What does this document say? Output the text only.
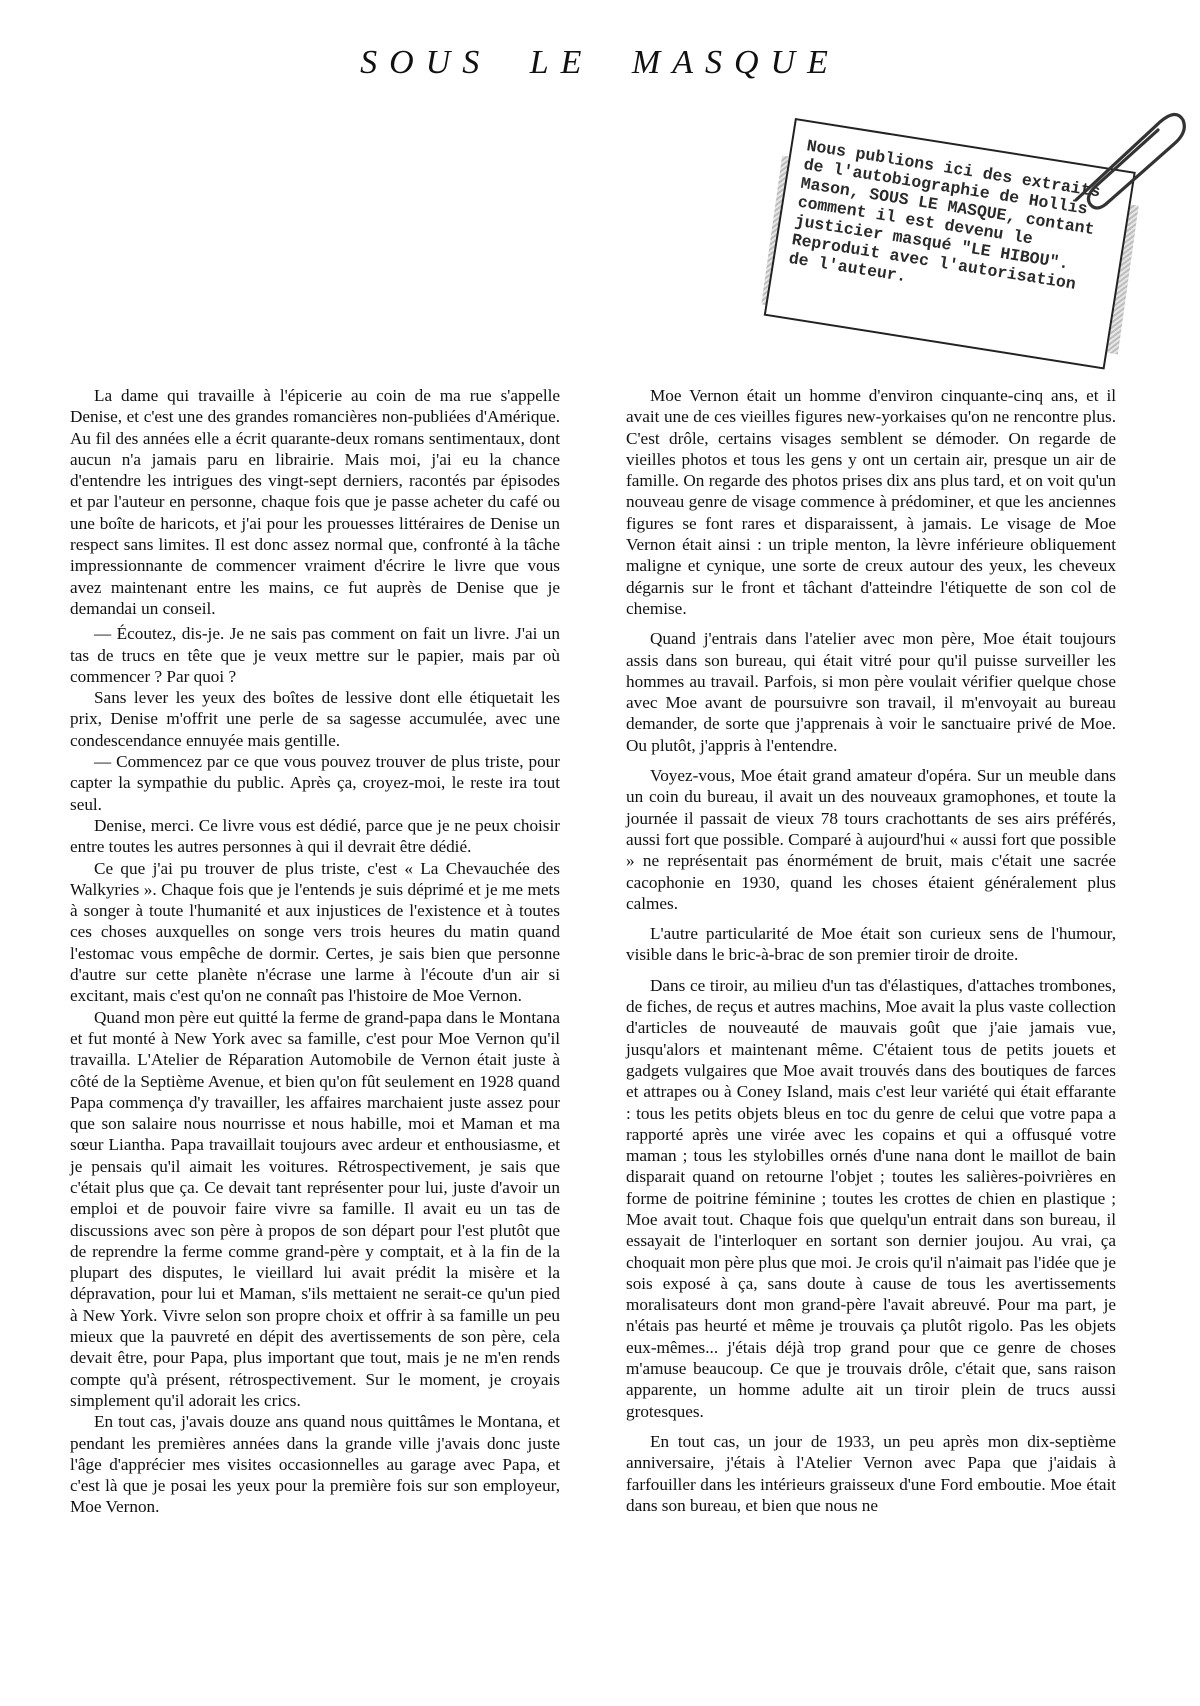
SOUS LE MASQUE
Nous publions ici des extraits de l'autobiographie de Hollis Mason, SOUS LE MASQUE, contant comment il est devenu le justicier masqué "LE HIBOU". Reproduit avec l'autorisation de l'auteur.

La dame qui travaille à l'épicerie au coin de ma rue s'appelle Denise, et c'est une des grandes romancières non-publiées d'Amérique. Au fil des années elle a écrit quarante-deux romans sentimentaux, dont aucun n'a jamais paru en librairie. Mais moi, j'ai eu la chance d'entendre les intrigues des vingt-sept derniers, racontés par épisodes et par l'auteur en personne, chaque fois que je passe acheter du café ou une boîte de haricots, et j'ai pour les prouesses littéraires de Denise un respect sans limites. Il est donc assez normal que, confronté à la tâche impressionnante de commencer vraiment d'écrire le livre que vous avez maintenant entre les mains, ce fut auprès de Denise que je demandai un conseil.

— Écoutez, dis-je. Je ne sais pas comment on fait un livre. J'ai un tas de trucs en tête que je veux mettre sur le papier, mais par où commencer ? Par quoi ?

Sans lever les yeux des boîtes de lessive dont elle étiquetait les prix, Denise m'offrit une perle de sa sagesse accumulée, avec une condescendance ennuyée mais gentille.

— Commencez par ce que vous pouvez trouver de plus triste, pour capter la sympathie du public. Après ça, croyez-moi, le reste ira tout seul.

Denise, merci. Ce livre vous est dédié, parce que je ne peux choisir entre toutes les autres personnes à qui il devrait être dédié.

Ce que j'ai pu trouver de plus triste, c'est « La Chevauchée des Walkyries ». Chaque fois que je l'entends je suis déprimé et je me mets à songer à toute l'humanité et aux injustices de l'existence et à toutes ces choses auxquelles on songe vers trois heures du matin quand l'estomac vous empêche de dormir. Certes, je sais bien que personne d'autre sur cette planète n'écrase une larme à l'écoute d'un air si excitant, mais c'est qu'on ne connaît pas l'histoire de Moe Vernon.

Quand mon père eut quitté la ferme de grand-papa dans le Montana et fut monté à New York avec sa famille, c'est pour Moe Vernon qu'il travailla. L'Atelier de Réparation Automobile de Vernon était juste à côté de la Septième Avenue, et bien qu'on fût seulement en 1928 quand Papa commença d'y travailler, les affaires marchaient juste assez pour que son salaire nous nourrisse et nous habille, moi et Maman et ma sœur Liantha. Papa travaillait toujours avec ardeur et enthousiasme, et je pensais qu'il aimait les voitures. Rétrospectivement, je sais que c'était plus que ça. Ce devait tant représenter pour lui, juste d'avoir un emploi et de pouvoir faire vivre sa famille. Il avait eu un tas de discussions avec son père à propos de son départ pour l'est plutôt que de reprendre la ferme comme grand-père y comptait, et à la fin de la plupart des disputes, le vieillard lui avait prédit la misère et la dépravation, pour lui et Maman, s'ils mettaient ne serait-ce qu'un pied à New York. Vivre selon son propre choix et offrir à sa famille un peu mieux que la pauvreté en dépit des avertissements de son père, cela devait être, pour Papa, plus important que tout, mais je ne m'en rends compte qu'à présent, rétrospectivement. Sur le moment, je croyais simplement qu'il adorait les crics.

En tout cas, j'avais douze ans quand nous quittâmes le Montana, et pendant les premières années dans la grande ville j'avais donc juste l'âge d'apprécier mes visites occasionnelles au garage avec Papa, et c'est là que je posai les yeux pour la première fois sur son employeur, Moe Vernon.

Moe Vernon était un homme d'environ cinquante-cinq ans, et il avait une de ces vieilles figures new-yorkaises qu'on ne rencontre plus. C'est drôle, certains visages semblent se démoder. On regarde de vieilles photos et tous les gens y ont un certain air, presque un air de famille. On regarde des photos prises dix ans plus tard, et on voit qu'un nouveau genre de visage commence à prédominer, et que les anciennes figures se font rares et disparaissent, à jamais. Le visage de Moe Vernon était ainsi : un triple menton, la lèvre inférieure obliquement maligne et cynique, une sorte de creux autour des yeux, les cheveux dégarnis sur le front et tâchant d'atteindre l'étiquette de son col de chemise.

Quand j'entrais dans l'atelier avec mon père, Moe était toujours assis dans son bureau, qui était vitré pour qu'il puisse surveiller les hommes au travail. Parfois, si mon père voulait vérifier quelque chose avec Moe avant de poursuivre son travail, il m'envoyait au bureau demander, de sorte que j'apprenais à voir le sanctuaire privé de Moe. Ou plutôt, j'appris à l'entendre.

Voyez-vous, Moe était grand amateur d'opéra. Sur un meuble dans un coin du bureau, il avait un des nouveaux gramophones, et toute la journée il passait de vieux 78 tours crachottants de ses airs préférés, aussi fort que possible. Comparé à aujourd'hui « aussi fort que possible » ne représentait pas énormément de bruit, mais c'était une sacrée cacophonie en 1930, quand les choses étaient généralement plus calmes.

L'autre particularité de Moe était son curieux sens de l'humour, visible dans le bric-à-brac de son premier tiroir de droite.

Dans ce tiroir, au milieu d'un tas d'élastiques, d'attaches trombones, de fiches, de reçus et autres machins, Moe avait la plus vaste collection d'articles de nouveauté de mauvais goût que j'aie jamais vue, jusqu'alors et maintenant même. C'étaient tous de petits jouets et gadgets vulgaires que Moe avait trouvés dans des boutiques de farces et attrapes ou à Coney Island, mais c'est leur variété qui était effarante : tous les petits objets bleus en toc du genre de celui que votre papa a rapporté après une virée avec les copains et qui a offusqué votre maman ; tous les stylobilles ornés d'une nana dont le maillot de bain disparait quand on retourne l'objet ; toutes les salières-poivrières en forme de poitrine féminine ; toutes les crottes de chien en plastique ; Moe avait tout. Chaque fois que quelqu'un entrait dans son bureau, il essayait de l'interloquer en sortant son dernier joujou. Au vrai, ça choquait mon père plus que moi. Je crois qu'il n'aimait pas l'idée que je sois exposé à ça, sans doute à cause de tous les avertissements moralisateurs dont mon grand-père l'avait abreuvé. Pour ma part, je n'étais pas heurté et même je trouvais ça plutôt rigolo. Pas les objets eux-mêmes... j'étais déjà trop grand pour que ce genre de choses m'amuse beaucoup. Ce que je trouvais drôle, c'était que, sans raison apparente, un homme adulte ait un tiroir plein de trucs aussi grotesques.

En tout cas, un jour de 1933, un peu après mon dix-septième anniversaire, j'étais à l'Atelier Vernon avec Papa que j'aidais à farfouiller dans les intérieurs graisseux d'une Ford emboutie. Moe était dans son bureau, et bien que nous ne
